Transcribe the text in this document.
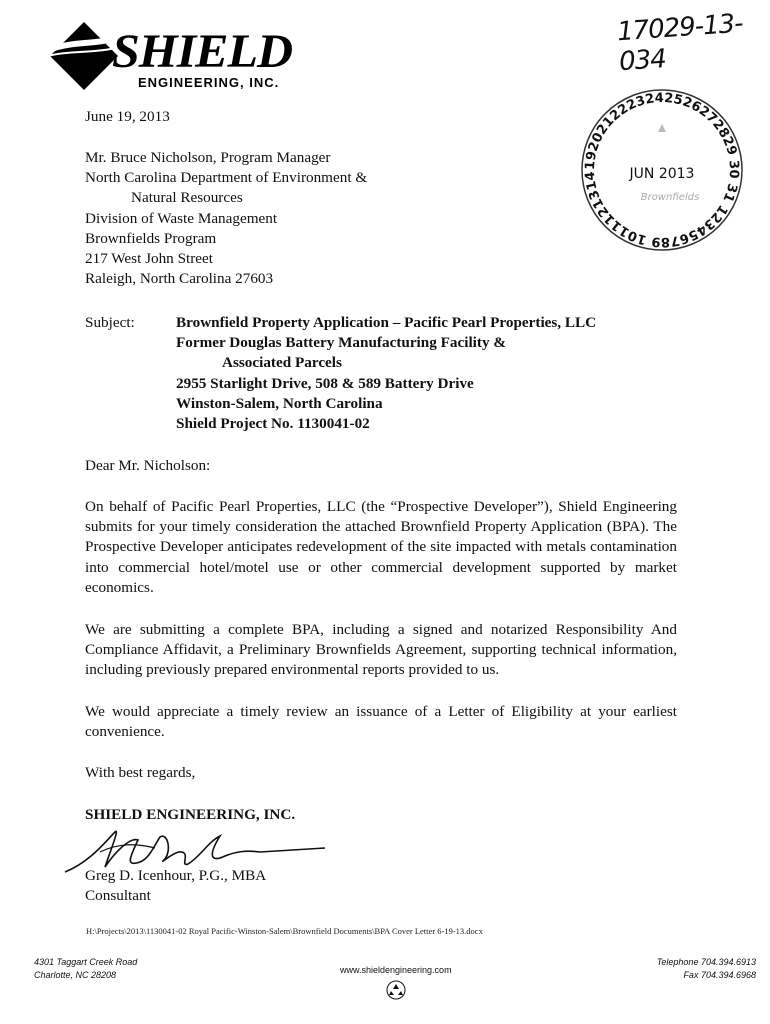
SHIELD
ENGINEERING, INC.
17029-13-034
1920212223242526272829 30 31 123456789 1011121314	JUN 2013
Brownfields
June 19, 2013
Mr. Bruce Nicholson, Program Manager
North Carolina Department of Environment &
Natural Resources
Division of Waste Management
Brownfields Program
217 West John Street
Raleigh, North Carolina 27603
Subject:	Brownfield Property Application – Pacific Pearl Properties, LLC
Former Douglas Battery Manufacturing Facility &
Associated Parcels
2955 Starlight Drive, 508 & 589 Battery Drive
Winston-Salem, North Carolina
Shield Project No. 1130041-02
Dear Mr. Nicholson:
On behalf of Pacific Pearl Properties, LLC (the “Prospective Developer”), Shield Engineering submits for your timely consideration the attached Brownfield Property Application (BPA). The Prospective Developer anticipates redevelopment of the site impacted with metals contamination into commercial hotel/motel use or other commercial development supported by market economics.
We are submitting a complete BPA, including a signed and notarized Responsibility And Compliance Affidavit, a Preliminary Brownfields Agreement, supporting technical information, including previously prepared environmental reports provided to us.
We would appreciate a timely review an issuance of a Letter of Eligibility at your earliest convenience.
With best regards,
SHIELD ENGINEERING, INC.
Greg D. Icenhour, P.G., MBA
Consultant
H:\Projects\2013\1130041-02 Royal Pacific-Winston-Salem\Brownfield Documents\BPA Cover Letter 6-19-13.docx
4301 Taggart Creek Road
Charlotte, NC 28208	www.shieldengineering.com
Telephone 704.394.6913
Fax 704.394.6968
